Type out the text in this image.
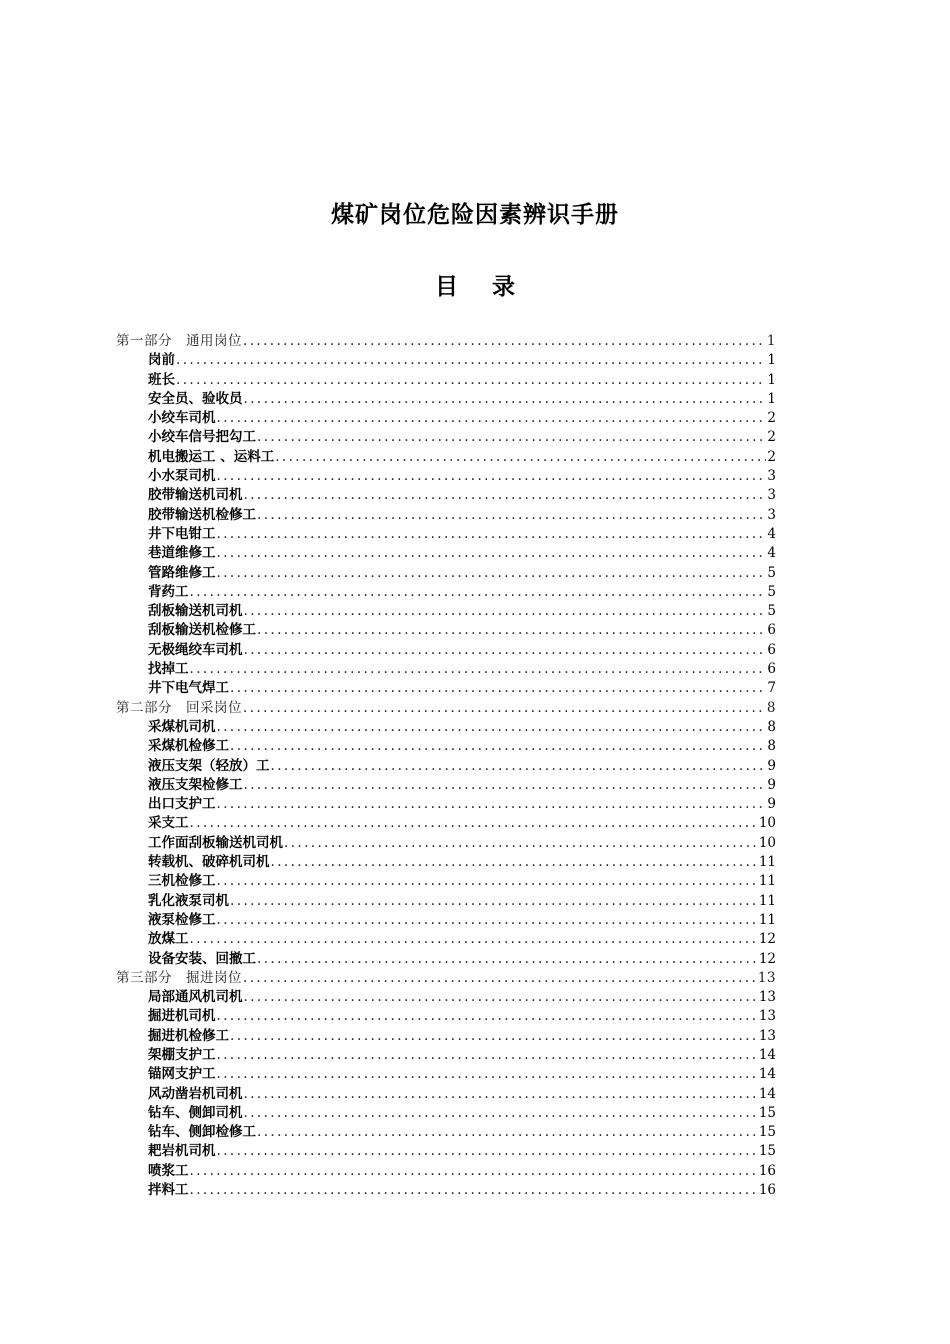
煤矿岗位危险因素辨识手册
目 录
第一部分　通用岗位 .....	1
岗前 .....	1
班长 .....	1
安全员、验收员 .....	1
小绞车司机 .....	2
小绞车信号把勾工 .....	2
机电搬运工 、运料工 .....	2
小水泵司机 .....	3
胶带输送机司机 .....	3
胶带输送机检修工 .....	3
井下电钳工 .....	4
巷道维修工 .....	4
管路维修工 .....	5
背药工 .....	5
刮板输送机司机 .....	5
刮板输送机检修工 .....	6
无极绳绞车司机 .....	6
找掉工 .....	6
井下电气焊工 .....	7
第二部分　回采岗位 .....	8
采煤机司机 .....	8
采煤机检修工 .....	8
液压支架（轻放）工 .....	9
液压支架检修工 .....	9
出口支护工 .....	9
采支工 .....	10
工作面刮板输送机司机 .....	10
转载机、破碎机司机 .....	11
三机检修工 .....	11
乳化液泵司机 .....	11
液泵检修工 .....	11
放煤工 .....	12
设备安装、回撤工 .....	12
第三部分　掘进岗位 .....	13
局部通风机司机 .....	13
掘进机司机 .....	13
掘进机检修工 .....	13
架棚支护工 .....	14
锚网支护工 .....	14
风动凿岩机司机 .....	14
钻车、侧卸司机 .....	15
钻车、侧卸检修工 .....	15
耙岩机司机 .....	15
喷浆工 .....	16
拌料工 .....	16
